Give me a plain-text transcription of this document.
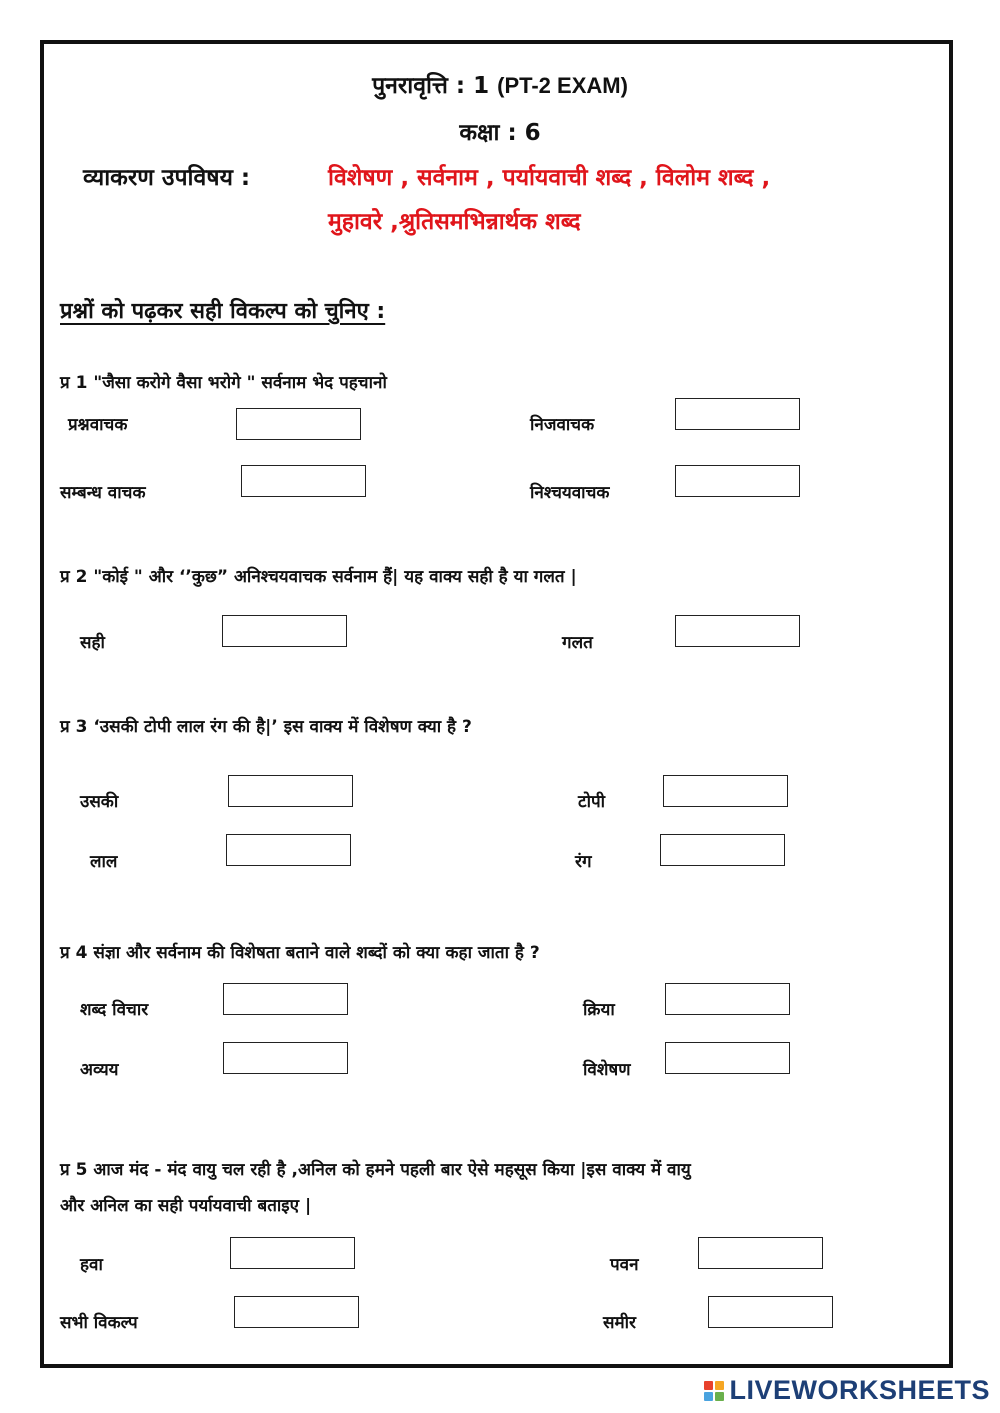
पुनरावृत्ति : 1 (PT-2 EXAM)
कक्षा : 6
व्याकरण उपविषय :	विशेषण , सर्वनाम , पर्यायवाची शब्द , विलोम शब्द ,
मुहावरे ,श्रुतिसमभिन्नार्थक शब्द
प्रश्नों को पढ़कर सही विकल्प को चुनिए :
प्र 1 "जैसा करोगे वैसा भरोगे " सर्वनाम भेद पहचानो
प्रश्नवाचक	निजवाचक
सम्बन्ध वाचक	निश्चयवाचक
प्र 2 "कोई " और ‘’कुछ” अनिश्चयवाचक सर्वनाम हैं| यह वाक्य सही है या गलत |
सही	गलत
प्र 3 ‘उसकी टोपी लाल रंग की है|’ इस वाक्य में विशेषण क्या है ?
उसकी	टोपी
लाल	रंग
प्र 4 संज्ञा और सर्वनाम की विशेषता बताने वाले शब्दों को क्या कहा जाता है ?
शब्द विचार	क्रिया
अव्यय	विशेषण
प्र 5 आज मंद - मंद वायु चल रही है ,अनिल को हमने पहली बार ऐसे महसूस किया |इस वाक्य में वायु
और अनिल का सही पर्यायवाची बताइए |
हवा	पवन
सभी विकल्प	समीर
LIVEWORKSHEETS
